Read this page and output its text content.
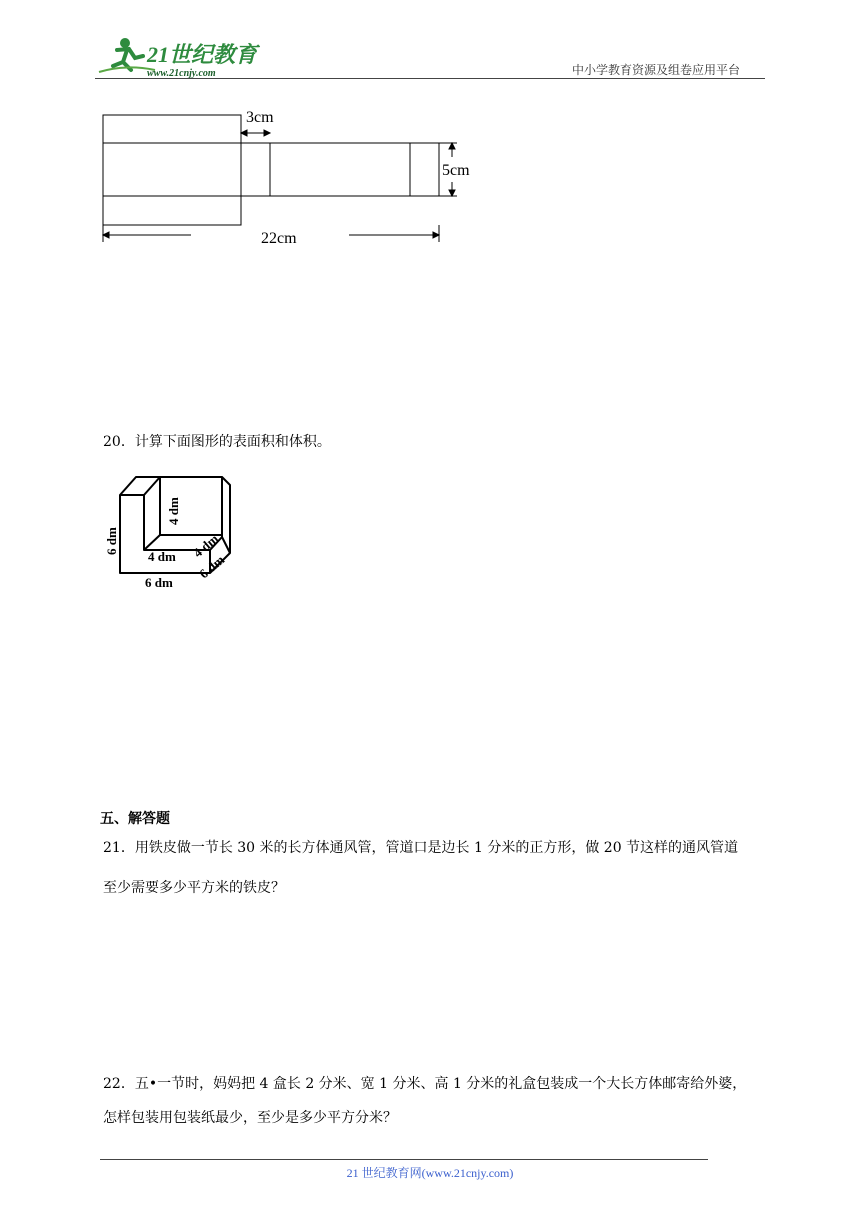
21世纪教育
www.21cnjy.com	中小学教育资源及组卷应用平台
3cm
5cm
22cm
20．计算下面图形的表面积和体积。
6 dm
4 dm
4 dm
6 dm
4 dm
6 dm
五、解答题
21．用铁皮做一节长 30 米的长方体通风管，管道口是边长 1 分米的正方形，做 20 节这样的通风管道
至少需要多少平方米的铁皮？
22．五•一节时，妈妈把 4 盒长 2 分米、宽 1 分米、高 1 分米的礼盒包装成一个大长方体邮寄给外婆，
怎样包装用包装纸最少，至少是多少平方分米？
21 世纪教育网(www.21cnjy.com)
